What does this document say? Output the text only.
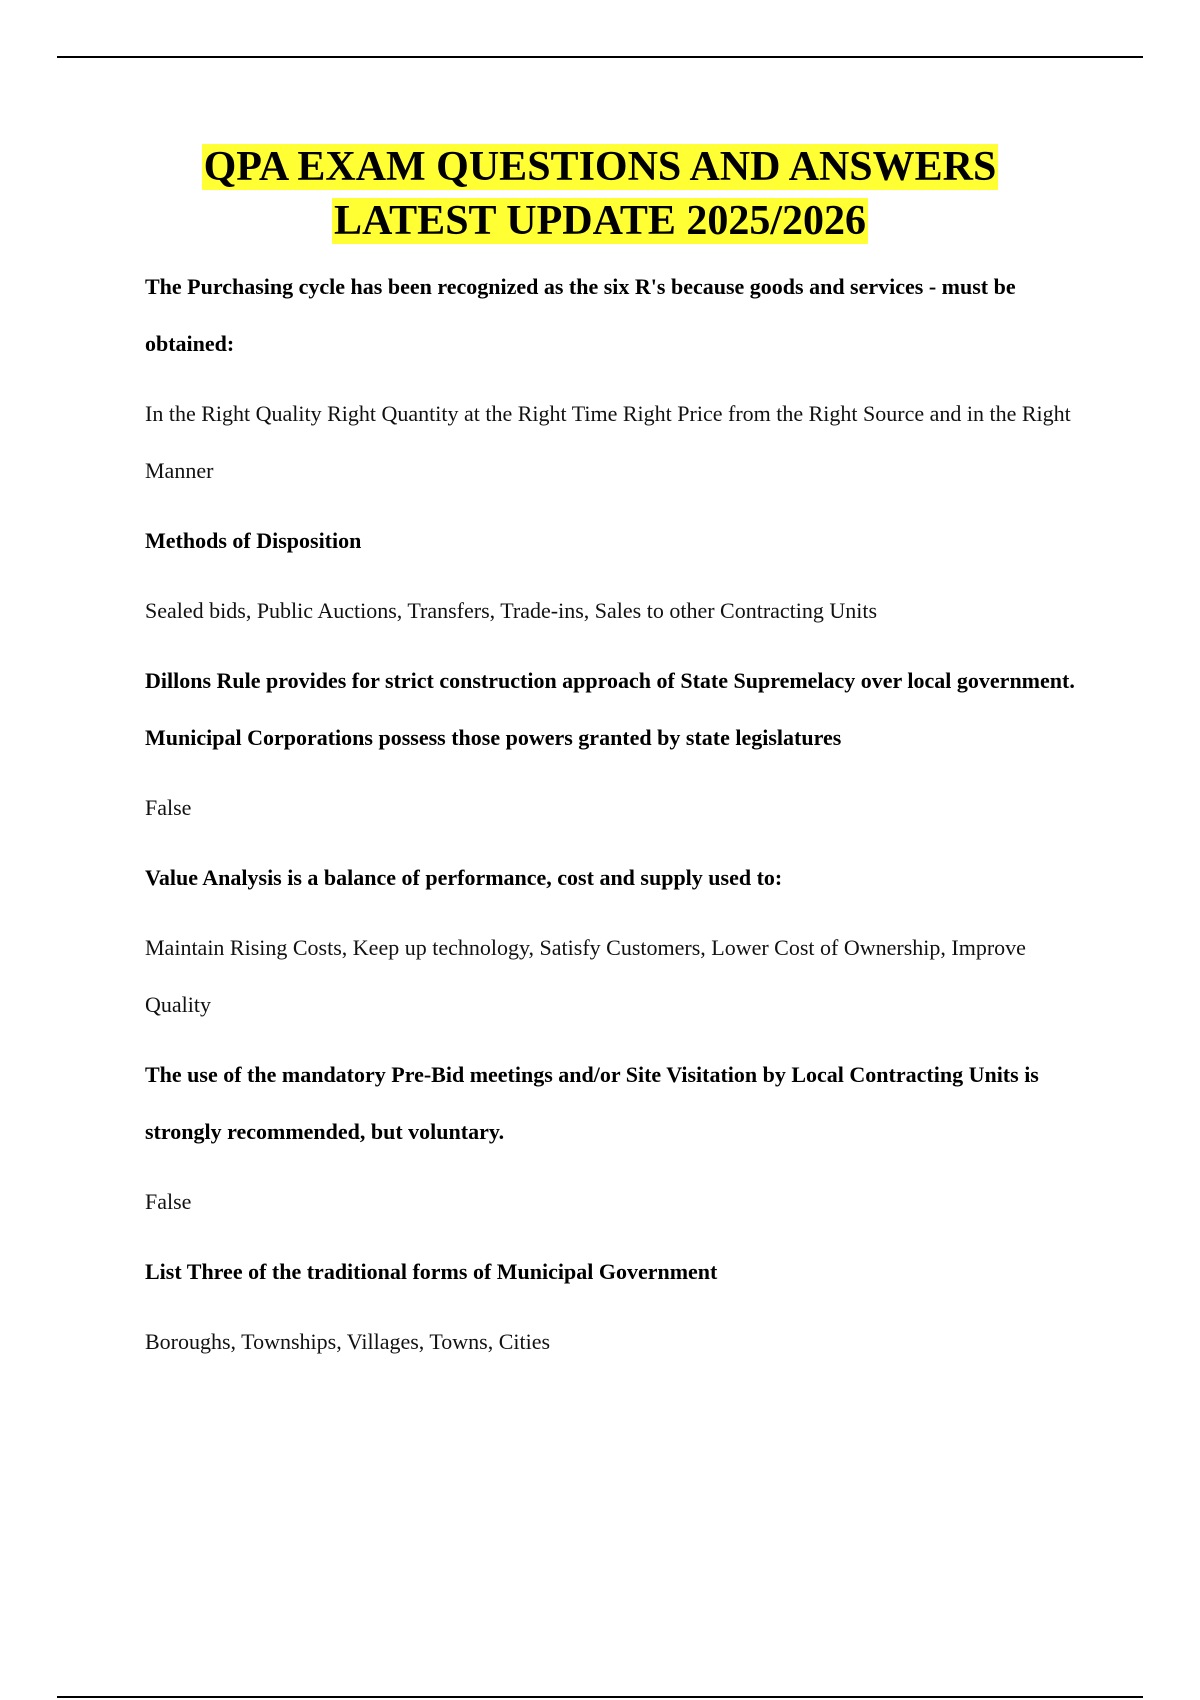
QPA EXAM QUESTIONS AND ANSWERS
LATEST UPDATE 2025/2026

The Purchasing cycle has been recognized as the six R's because goods and services - must be obtained:

In the Right Quality Right Quantity at the Right Time Right Price from the Right Source and in the Right Manner

Methods of Disposition

Sealed bids, Public Auctions, Transfers, Trade-ins, Sales to other Contracting Units

Dillons Rule provides for strict construction approach of State Supremelacy over local government. Municipal Corporations possess those powers granted by state legislatures

False

Value Analysis is a balance of performance, cost and supply used to:

Maintain Rising Costs, Keep up technology, Satisfy Customers, Lower Cost of Ownership, Improve Quality

The use of the mandatory Pre-Bid meetings and/or Site Visitation by Local Contracting Units is strongly recommended, but voluntary.

False

List Three of the traditional forms of Municipal Government

Boroughs, Townships, Villages, Towns, Cities
